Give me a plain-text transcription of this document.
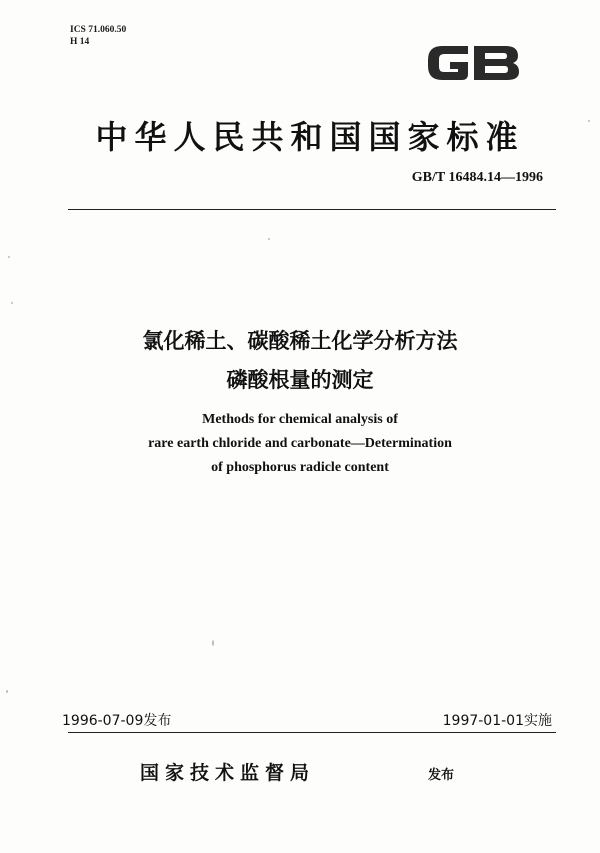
ICS 71.060.50
H 14
中华人民共和国国家标准
GB/T 16484.14—1996
氯化稀土、碳酸稀土化学分析方法
磷酸根量的测定
Methods for chemical analysis of
rare earth chloride and carbonate—Determination
of phosphorus radicle content
1996-07-09发布	1997-01-01实施
国家技术监督局	发布
